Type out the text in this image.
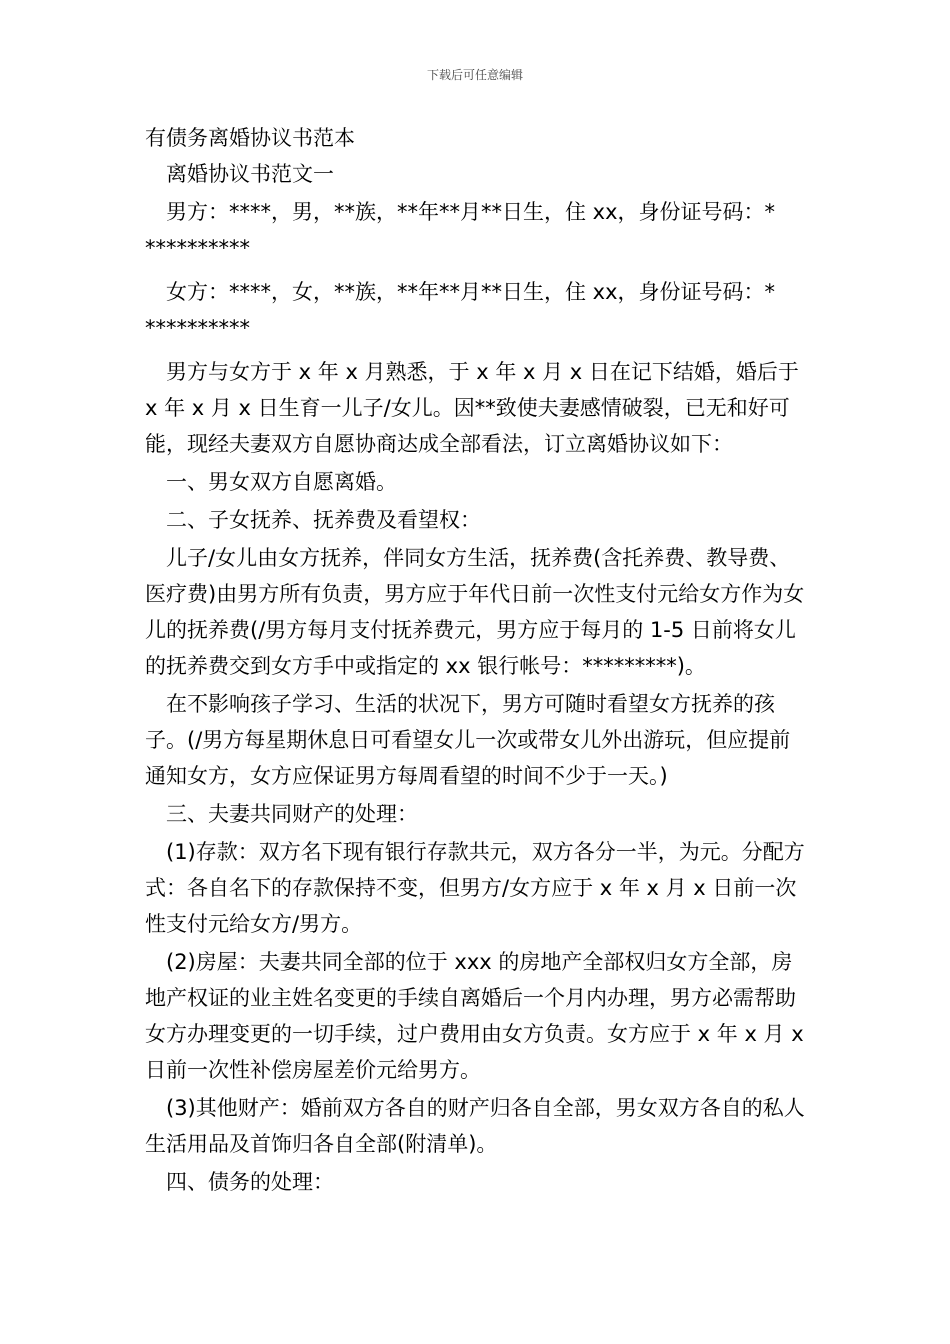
下载后可任意编辑

有债务离婚协议书范本

离婚协议书范文一

男方：****，男，**族，**年**月**日生，住 xx，身份证号码：*
**********

女方：****，女，**族，**年**月**日生，住 xx，身份证号码：*
**********

男方与女方于 x 年 x 月熟悉，于 x 年 x 月 x 日在记下结婚，婚后于 x 年 x 月 x 日生育一儿子/女儿。因**致使夫妻感情破裂，已无和好可能，现经夫妻双方自愿协商达成全部看法，订立离婚协议如下：

一、男女双方自愿离婚。

二、子女抚养、抚养费及看望权：

儿子/女儿由女方抚养，伴同女方生活，抚养费(含托养费、教导费、医疗费)由男方所有负责，男方应于年代日前一次性支付元给女方作为女儿的抚养费(/男方每月支付抚养费元，男方应于每月的 1-5 日前将女儿的抚养费交到女方手中或指定的 xx 银行帐号：*********)。

在不影响孩子学习、生活的状况下，男方可随时看望女方抚养的孩子。(/男方每星期休息日可看望女儿一次或带女儿外出游玩，但应提前通知女方，女方应保证男方每周看望的时间不少于一天。)

三、夫妻共同财产的处理：

(1)存款：双方名下现有银行存款共元，双方各分一半，为元。分配方式：各自名下的存款保持不变，但男方/女方应于 x 年 x 月 x 日前一次性支付元给女方/男方。

(2)房屋：夫妻共同全部的位于 xxx 的房地产全部权归女方全部，房地产权证的业主姓名变更的手续自离婚后一个月内办理，男方必需帮助女方办理变更的一切手续，过户费用由女方负责。女方应于 x 年 x 月 x 日前一次性补偿房屋差价元给男方。

(3)其他财产：婚前双方各自的财产归各自全部，男女双方各自的私人生活用品及首饰归各自全部(附清单)。

四、债务的处理：
